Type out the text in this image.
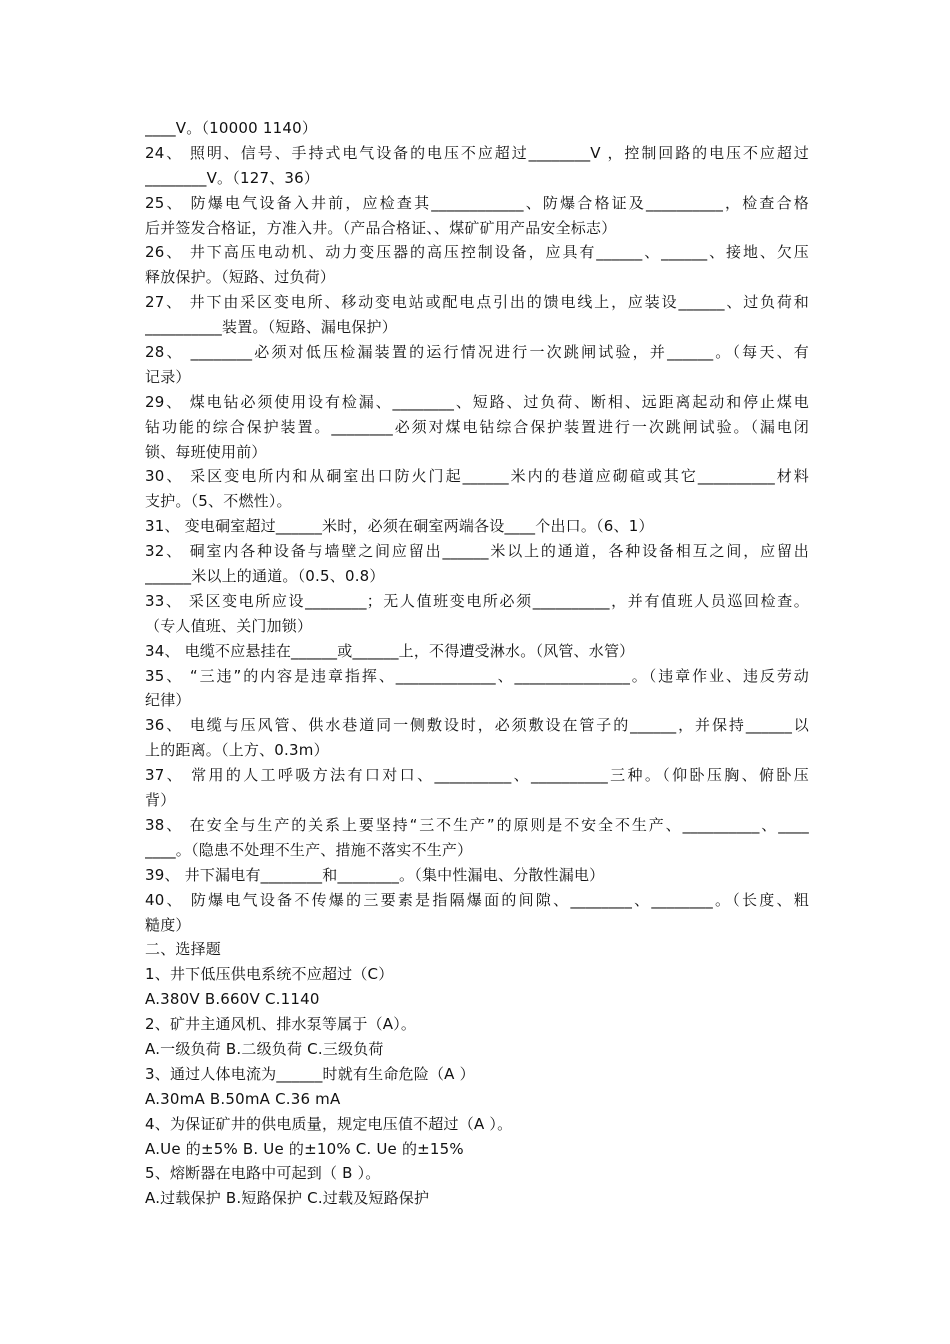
____V。（10000 1140）
24、 照明、信号、手持式电气设备的电压不应超过________V ，控制回路的电压不应超过
________V。（127、36）
25、 防爆电气设备入井前，应检查其____________、防爆合格证及__________，检查合格
后并签发合格证，方准入井。（产品合格证、、煤矿矿用产品安全标志）
26、 井下高压电动机、动力变压器的高压控制设备，应具有______、______、接地、欠压
释放保护。（短路、过负荷）
27、 井下由采区变电所、移动变电站或配电点引出的馈电线上，应装设______、过负荷和
__________装置。（短路、漏电保护）
28、 ________必须对低压检漏装置的运行情况进行一次跳闸试验，并______。（每天、有
记录）
29、 煤电钻必须使用设有检漏、________、短路、过负荷、断相、远距离起动和停止煤电
钻功能的综合保护装置。________必须对煤电钻综合保护装置进行一次跳闸试验。（漏电闭
锁、每班使用前）
30、 采区变电所内和从硐室出口防火门起______米内的巷道应砌碹或其它__________材料
支护。（5、不燃性）。
31、 变电硐室超过______米时，必须在硐室两端各设____个出口。（6、1）
32、 硐室内各种设备与墙壁之间应留出______米以上的通道，各种设备相互之间，应留出
______米以上的通道。（0.5、0.8）
33、 采区变电所应设________；无人值班变电所必须__________，并有值班人员巡回检查。
（专人值班、关门加锁）
34、 电缆不应悬挂在______或______上，不得遭受淋水。（风管、水管）
35、 “三违”的内容是违章指挥、_____________、_______________。（违章作业、违反劳动
纪律）
36、 电缆与压风管、供水巷道同一侧敷设时，必须敷设在管子的______，并保持______以
上的距离。（上方、0.3m）
37、 常用的人工呼吸方法有口对口、__________、__________三种。（仰卧压胸、俯卧压
背）
38、 在安全与生产的关系上要坚持“三不生产”的原则是不安全不生产、__________、____
____。（隐患不处理不生产、措施不落实不生产）
39、 井下漏电有________和________。（集中性漏电、分散性漏电）
40、 防爆电气设备不传爆的三要素是指隔爆面的间隙、________、________。（长度、粗
糙度）
二、选择题
1、井下低压供电系统不应超过（C）
A.380V B.660V C.1140
2、矿井主通风机、排水泵等属于（A）。
A.一级负荷 B.二级负荷 C.三级负荷
3、通过人体电流为______时就有生命危险（A ）
A.30mA B.50mA C.36 mA
4、为保证矿井的供电质量，规定电压值不超过（A ）。
A.Ue 的±5% B. Ue 的±10% C. Ue 的±15%
5、熔断器在电路中可起到（ B ）。
A.过载保护 B.短路保护 C.过载及短路保护
